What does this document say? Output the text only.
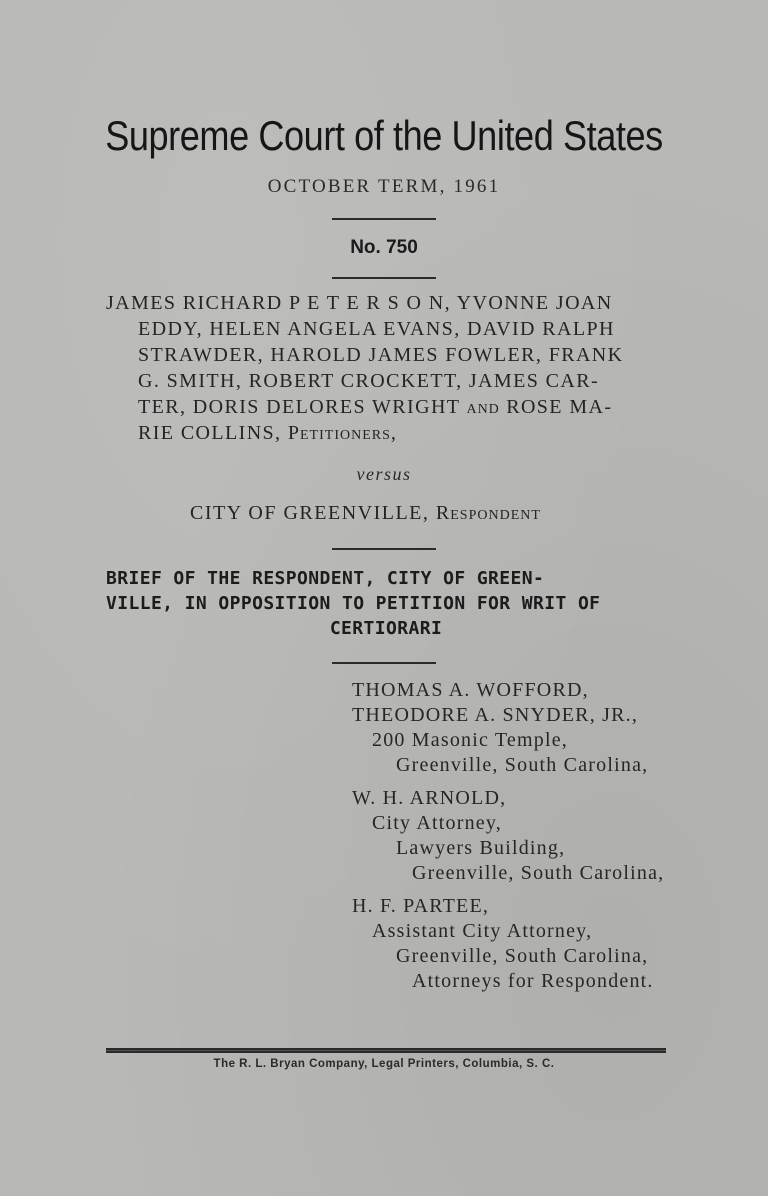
Supreme Court of the United States
OCTOBER TERM, 1961
No. 750
JAMES RICHARD P E T E R S O N, YVONNE JOAN
EDDY, HELEN ANGELA EVANS, DAVID RALPH
STRAWDER, HAROLD JAMES FOWLER, FRANK
G. SMITH, ROBERT CROCKETT, JAMES CAR-
TER, DORIS DELORES WRIGHT and ROSE MA-
RIE COLLINS, Petitioners,
versus
CITY OF GREENVILLE, Respondent
BRIEF OF THE RESPONDENT, CITY OF GREEN-
VILLE, IN OPPOSITION TO PETITION FOR WRIT OF
CERTIORARI
THOMAS A. WOFFORD,
THEODORE A. SNYDER, JR.,
200 Masonic Temple,
Greenville, South Carolina,
W. H. ARNOLD,
City Attorney,
Lawyers Building,
Greenville, South Carolina,
H. F. PARTEE,
Assistant City Attorney,
Greenville, South Carolina,
Attorneys for Respondent.
The R. L. Bryan Company, Legal Printers, Columbia, S. C.
